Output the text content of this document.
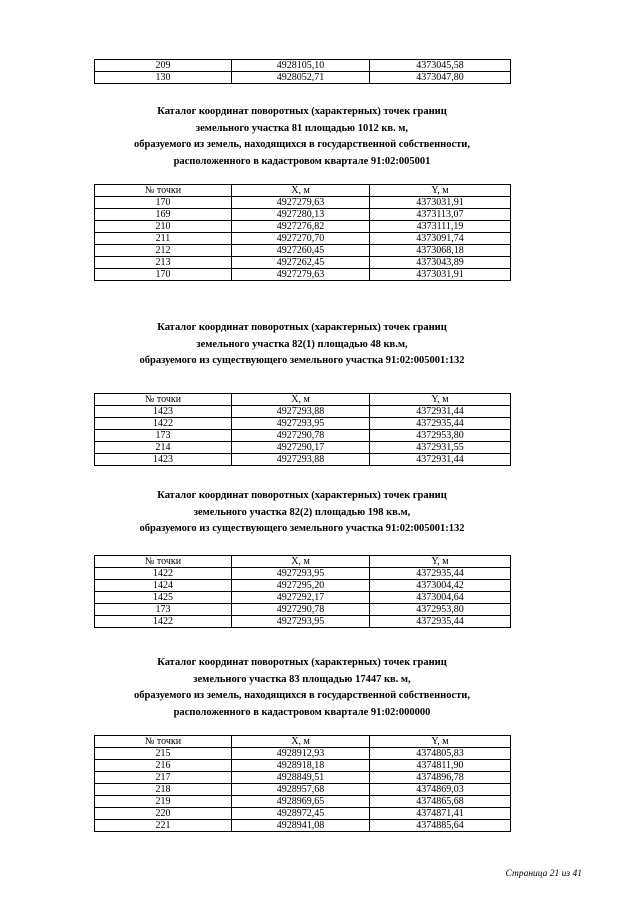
209	4928105,10	4373045,58
130	4928052,71	4373047,80
Каталог координат поворотных (характерных) точек границ
земельного участка 81 площадью 1012 кв. м,
образуемого из земель, находящихся в государственной собственности,
расположенного в кадастровом квартале 91:02:005001
№ точки	X, м	Y, м
170	4927279,63	4373031,91
169	4927280,13	4373113,07
210	4927276,82	4373111,19
211	4927270,70	4373091,74
212	4927260,45	4373068,18
213	4927262,45	4373043,89
170	4927279,63	4373031,91
Каталог координат поворотных (характерных) точек границ
земельного участка 82(1) площадью 48 кв.м,
образуемого из существующего земельного участка 91:02:005001:132
№ точки	X, м	Y, м
1423	4927293,88	4372931,44
1422	4927293,95	4372935,44
173	4927290,78	4372953,80
214	4927290,17	4372931,55
1423	4927293,88	4372931,44
Каталог координат поворотных (характерных) точек границ
земельного участка 82(2) площадью 198 кв.м,
образуемого из существующего земельного участка 91:02:005001:132
№ точки	X, м	Y, м
1422	4927293,95	4372935,44
1424	4927295,20	4373004,42
1425	4927292,17	4373004,64
173	4927290,78	4372953,80
1422	4927293,95	4372935,44
Каталог координат поворотных (характерных) точек границ
земельного участка 83 площадью 17447 кв. м,
образуемого из земель, находящихся в государственной собственности,
расположенного в кадастровом квартале 91:02:000000
№ точки	X, м	Y, м
215	4928912,93	4374805,83
216	4928918,18	4374811,90
217	4928849,51	4374896,78
218	4928957,68	4374869,03
219	4928969,65	4374865,68
220	4928972,45	4374871,41
221	4928941,08	4374885,64
Страница 21 из 41
